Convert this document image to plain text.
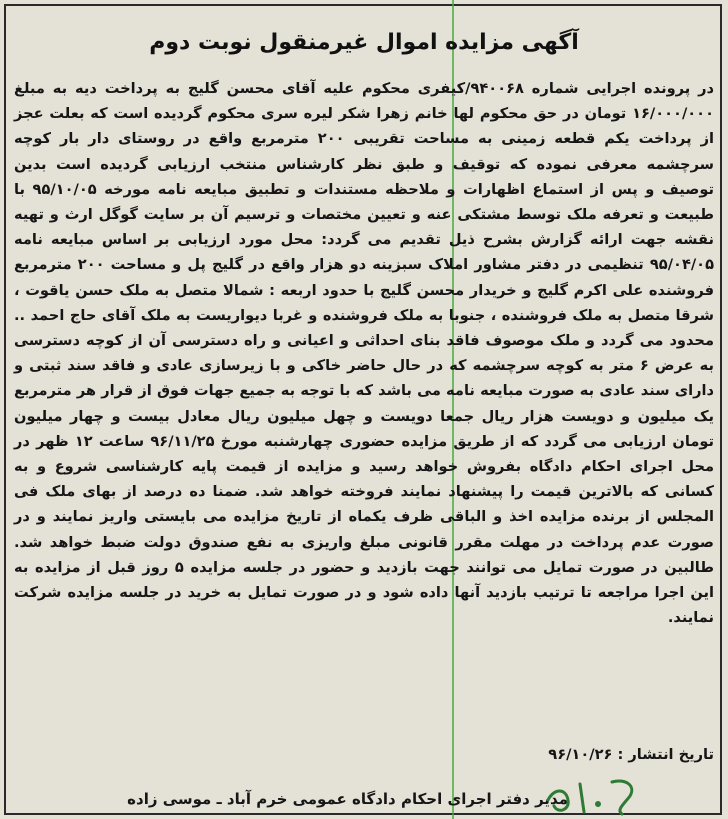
آگهی مزایده اموال غیرمنقول نوبت دوم

در پرونده اجرایی شماره ۹۴۰۰۶۸/کیفری محکوم علیه آقای محسن گلیج به پرداخت دیه به مبلغ ۱۶/۰۰۰/۰۰۰ تومان در حق محکوم لها خانم زهرا شکر لیره سری محکوم گردیده است که بعلت عجز از پرداخت یکم قطعه زمینی به مساحت تقریبی ۲۰۰ مترمربع واقع در روستای دار بار کوچه سرچشمه معرفی نموده که توقیف و طبق نظر کارشناس منتخب ارزیابی گردیده است بدین توصیف و پس از استماع اظهارات و ملاحظه مستندات و تطبیق مبایعه نامه مورخه ۹۵/۱۰/۰۵ با طبیعت و تعرفه ملک توسط مشتکی عنه و تعیین مختصات و ترسیم آن بر سایت گوگل ارث و تهیه نقشه جهت ارائه گزارش بشرح ذیل تقدیم می گردد: محل مورد ارزیابی بر اساس مبایعه نامه ۹۵/۰۴/۰۵ تنظیمی در دفتر مشاور املاک سبزینه دو هزار واقع در گلیج پل و مساحت ۲۰۰ مترمربع فروشنده علی اکرم گلیج و خریدار محسن گلیج با حدود اربعه : شمالا متصل به ملک حسن یاقوت ، شرقا متصل به ملک فروشنده ، جنوبا به ملک فروشنده و غربا دیواریست به ملک آقای حاج احمد .. محدود می گردد و ملک موصوف فاقد بنای احداثی و اعیانی و راه دسترسی آن از کوچه دسترسی به عرض ۶ متر به کوچه سرچشمه که در حال حاضر خاکی و با زیرسازی عادی و فاقد سند ثبتی و دارای سند عادی به صورت مبایعه نامه می باشد که با توجه به جمیع جهات فوق از قرار هر مترمربع یک میلیون و دویست هزار ریال جمعا دویست و چهل میلیون ریال معادل بیست و چهار میلیون تومان ارزیابی می گردد که از طریق مزایده حضوری چهارشنبه مورخ ۹۶/۱۱/۲۵ ساعت ۱۲ ظهر در محل اجرای احکام دادگاه بفروش خواهد رسید و مزایده از قیمت پایه کارشناسی شروع و به کسانی که بالاترین قیمت را پیشنهاد نمایند فروخته خواهد شد. ضمنا ده درصد از بهای ملک فی المجلس از برنده مزایده اخذ و الباقی ظرف یکماه از تاریخ مزایده می بایستی واریز نمایند و در صورت عدم پرداخت در مهلت مقرر قانونی مبلغ واریزی به نفع صندوق دولت ضبط خواهد شد. طالبین در صورت تمایل می توانند جهت بازدید و حضور در جلسه مزایده ۵ روز قبل از مزایده به این اجرا مراجعه تا ترتیب بازدید آنها داده شود و در صورت تمایل به خرید در جلسه مزایده شرکت نمایند.

تاریخ انتشار : ۹۶/۱۰/۲۶
مدیر دفتر اجرای احکام دادگاه عمومی خرم آباد ـ موسی زاده
